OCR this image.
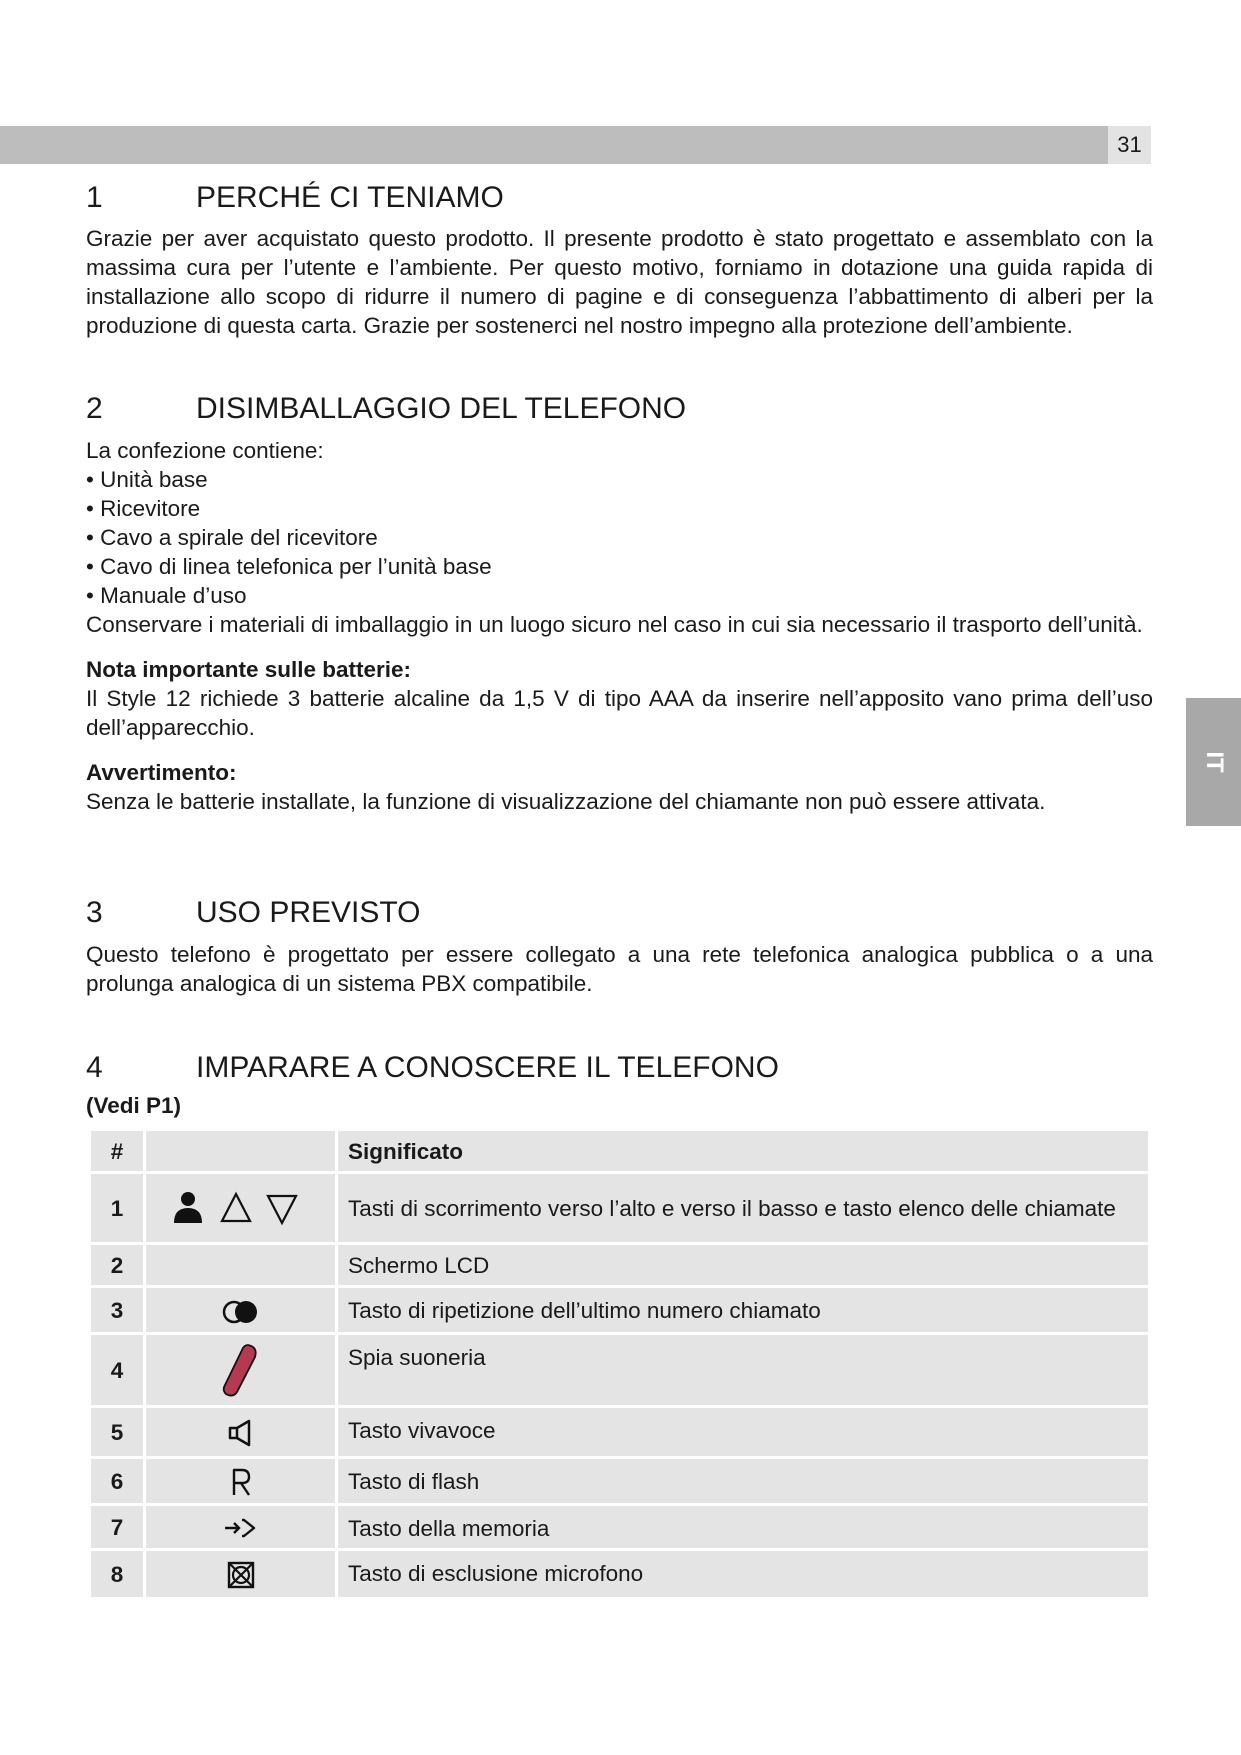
31
IT
1	PERCHÉ CI TENIAMO

Grazie per aver acquistato questo prodotto. Il presente prodotto è stato progettato e assemblato con la massima cura per l’utente e l’ambiente. Per questo motivo, forniamo in dotazione una guida rapida di installazione allo scopo di ridurre il numero di pagine e di conseguenza l’abbattimento di alberi per la produzione di questa carta. Grazie per sostenerci nel nostro impegno alla protezione dell’ambiente.

2	DISIMBALLAGGIO DEL TELEFONO

La confezione contiene:

• Unità base
• Ricevitore
• Cavo a spirale del ricevitore
• Cavo di linea telefonica per l’unità base
• Manuale d’uso

Conservare i materiali di imballaggio in un luogo sicuro nel caso in cui sia necessario il trasporto dell’unità.

Nota importante sulle batterie:

Il Style 12 richiede 3 batterie alcaline da 1,5 V di tipo AAA da inserire nell’apposito vano prima dell’uso dell’apparecchio.

Avvertimento:

Senza le batterie installate, la funzione di visualizzazione del chiamante non può essere attivata.

3	USO PREVISTO

Questo telefono è progettato per essere collegato a una rete telefonica analogica pubblica o a una prolunga analogica di un sistema PBX compatibile.

4	IMPARARE A CONOSCERE IL TELEFONO

(Vedi P1)

#		Significato
1		Tasti di scorrimento verso l’alto e verso il basso e tasto elenco delle chiamate
2		Schermo LCD
3		Tasto di ripetizione dell’ultimo numero chiamato
4		Spia suoneria
5		Tasto vivavoce
6		Tasto di flash
7		Tasto della memoria
8		Tasto di esclusione microfono
